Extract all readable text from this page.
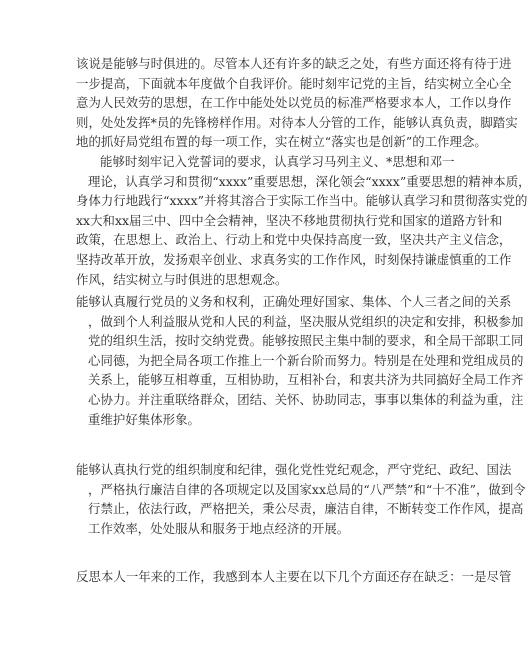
该说是能够与时俱进的。尽管本人还有许多的缺乏之处，有些方面还将有待于进
一步提高，下面就本年度做个自我评价。能时刻牢记党的主旨，结实树立全心全
意为人民效劳的思想，在工作中能处处以党员的标准严格要求本人，工作以身作
则，处处发挥*员的先锋榜样作用。对待本人分管的工作，能够认真负责，脚踏实
地的抓好局党组布置的每一项工作，实在树立“落实也是创新”的工作理念。
能够时刻牢记入党誓词的要求，认真学习马列主义、*思想和邓一
理论，认真学习和贯彻“xxxx”重要思想，深化领会“xxxx”重要思想的精神本质，
身体力行地践行“xxxx”并将其溶合于实际工作当中。能够认真学习和贯彻落实党的
xx大和xx届三中、四中全会精神，坚决不移地贯彻执行党和国家的道路方针和
政策，在思想上、政治上、行动上和党中央保持高度一致，坚决共产主义信念，
坚持改革开放，发扬艰辛创业、求真务实的工作作风，时刻保持谦虚慎重的工作
作风，结实树立与时俱进的思想观念。
能够认真履行党员的义务和权利，正确处理好国家、集体、个人三者之间的关系
，做到个人利益服从党和人民的利益，坚决服从党组织的决定和安排，积极参加
党的组织生活，按时交纳党费。能够按照民主集中制的要求，和全局干部职工同
心同德，为把全局各项工作推上一个新台阶而努力。特别是在处理和党组成员的
关系上，能够互相尊重，互相协助，互相补台，和衷共济为共同搞好全局工作齐
心协力。并注重联络群众，团结、关怀、协助同志，事事以集体的利益为重，注
重维护好集体形象。
能够认真执行党的组织制度和纪律，强化党性党纪观念，严守党纪、政纪、国法
，严格执行廉洁自律的各项规定以及国家xx总局的“八严禁”和“十不准”，做到令
行禁止，依法行政，严格把关，秉公尽责，廉洁自律，不断转变工作作风，提高
工作效率，处处服从和服务于地点经济的开展。
反思本人一年来的工作，我感到本人主要在以下几个方面还存在缺乏：一是尽管
